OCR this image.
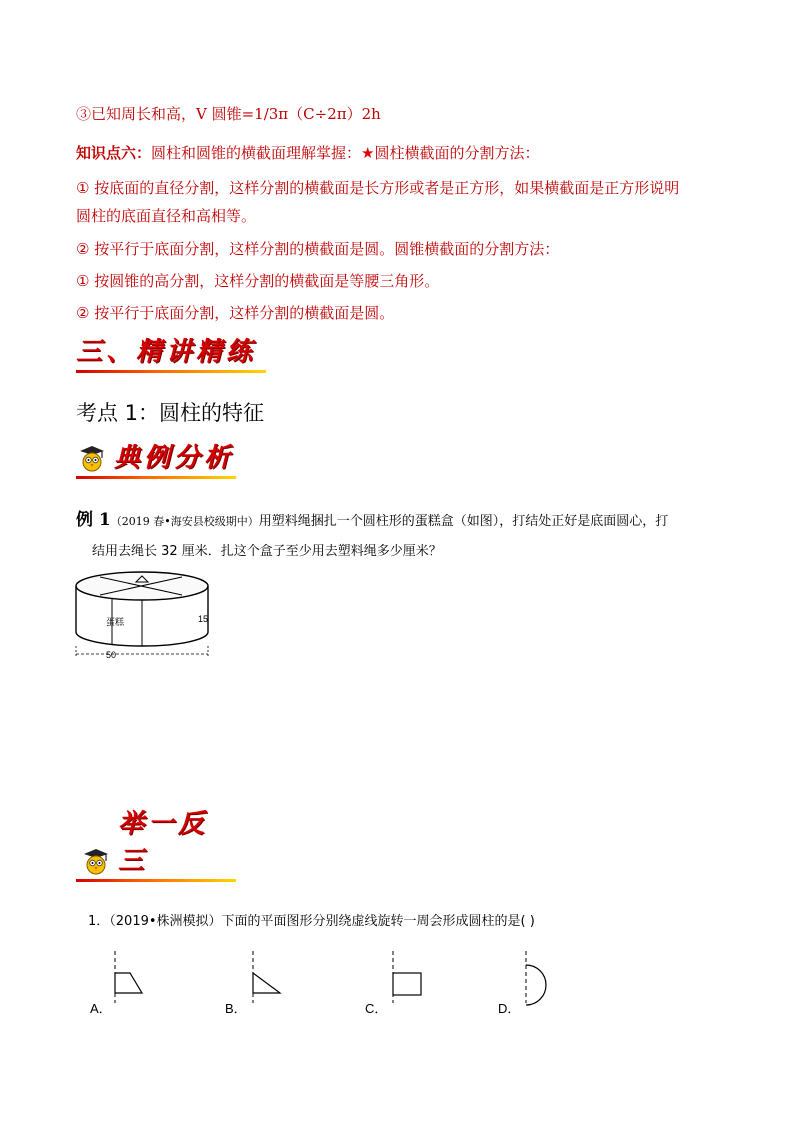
③已知周长和高，V 圆锥=1/3π（C÷2π）2h
知识点六：圆柱和圆锥的横截面理解掌握：★圆柱横截面的分割方法：
① 按底面的直径分割，这样分割的横截面是长方形或者是正方形，如果横截面是正方形说明
圆柱的底面直径和高相等。
② 按平行于底面分割，这样分割的横截面是圆。圆锥横截面的分割方法：
① 按圆锥的高分割，这样分割的横截面是等腰三角形。
② 按平行于底面分割，这样分割的横截面是圆。
三、精讲精练
考点 1：圆柱的特征
典例分析
例 1（2019 春•海安县校级期中）用塑料绳捆扎一个圆柱形的蛋糕盒（如图），打结处正好是底面圆心，打
结用去绳长 32 厘米．扎这个盒子至少用去塑料绳多少厘米？
蛋糕	15
50
举一反三
1．（2019•株洲模拟）下面的平面图形分别绕虚线旋转一周会形成圆柱的是( )
A．	B．	C．	D．
